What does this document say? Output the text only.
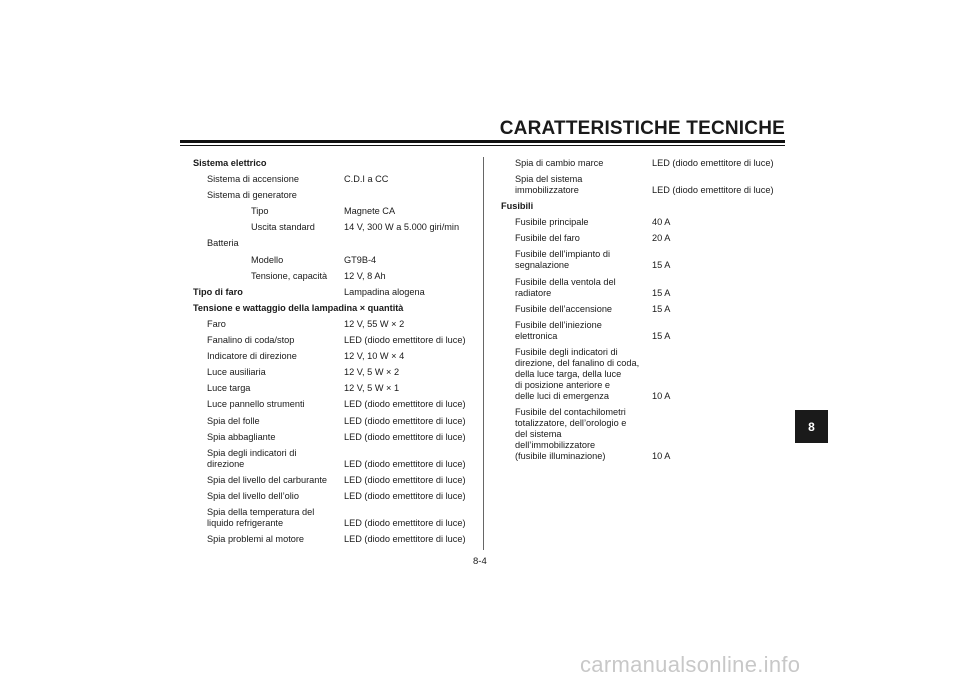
CARATTERISTICHE TECNICHE
Sistema elettrico
Sistema di accensione	C.D.I a CC
Sistema di generatore
Tipo	Magnete CA
Uscita standard	14 V, 300 W a 5.000 giri/min
Batteria
Modello	GT9B-4
Tensione, capacità 12 V, 8 Ah
Tipo di faro	Lampadina alogena
Tensione e wattaggio della lampadina × quantità
Faro	12 V, 55 W × 2
Fanalino di coda/stop	LED (diodo emettitore di luce)
Indicatore di direzione	12 V, 10 W × 4
Luce ausiliaria	12 V, 5 W × 2
Luce targa	12 V, 5 W × 1
Luce pannello strumenti	LED (diodo emettitore di luce)
Spia del folle	LED (diodo emettitore di luce)
Spia abbagliante	LED (diodo emettitore di luce)
Spia degli indicatori di
direzione	LED (diodo emettitore di luce)
Spia del livello del carburante LED (diodo emettitore di luce)
Spia del livello dell’olio	LED (diodo emettitore di luce)
Spia della temperatura del
liquido refrigerante	LED (diodo emettitore di luce)
Spia problemi al motore	LED (diodo emettitore di luce)
Spia di cambio marce	LED (diodo emettitore di luce)
Spia del sistema
immobilizzatore	LED (diodo emettitore di luce)
Fusibili
Fusibile principale	40 A
Fusibile del faro	20 A
Fusibile dell’impianto di
segnalazione	15 A
Fusibile della ventola del
radiatore	15 A
Fusibile dell’accensione	15 A
Fusibile dell’iniezione
elettronica	15 A
Fusibile degli indicatori di
direzione, del fanalino di coda,
della luce targa, della luce
di posizione anteriore e
delle luci di emergenza	10 A
Fusibile del contachilometri
totalizzatore, dell’orologio e
del sistema
dell’immobilizzatore
(fusibile illuminazione)	10 A
8-4
8
carmanualsonline.info
